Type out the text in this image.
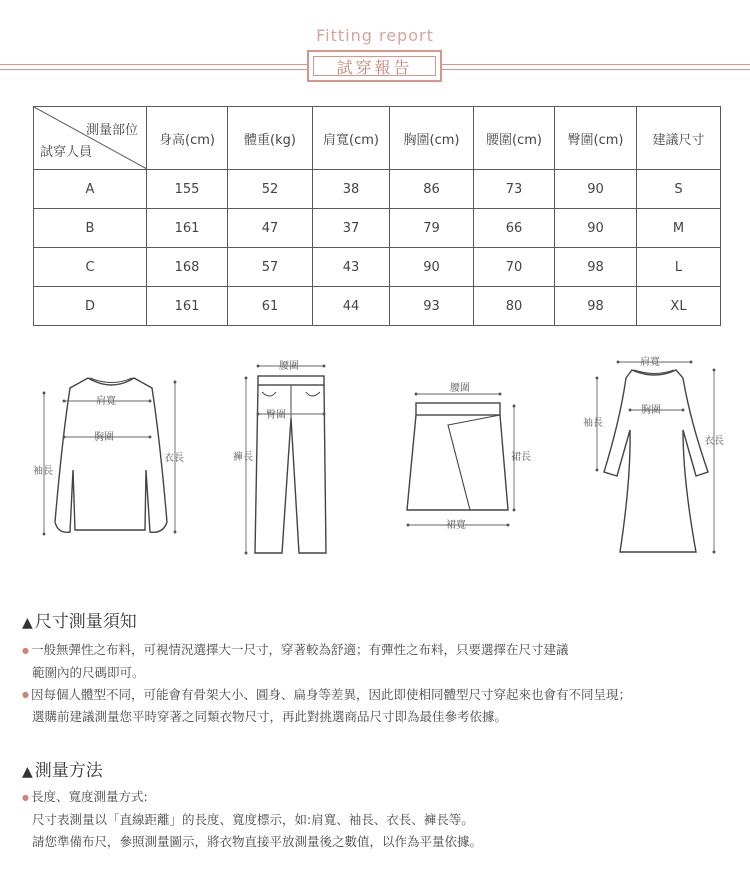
Fitting report
試穿報告
測量部位
試穿人員	身高(cm)	體重(kg)	肩寬(cm)	胸圍(cm)	腰圍(cm)	臀圍(cm)	建議尺寸
A	155	52	38	86	73	90	S
B	161	47	37	79	66	90	M
C	168	57	43	90	70	98	L
D	161	61	44	93	80	98	XL
肩寬
胸圍
袖長
衣長
腰圍
臀圍
褲長
腰圍
裙長
裙寬
肩寬
胸圍
袖長
衣長
▲ 尺寸測量須知
● 一般無彈性之布料，可視情況選擇大一尺寸，穿著較為舒適；有彈性之布料，只要選擇在尺寸建議
範圍內的尺碼即可。
● 因每個人體型不同，可能會有骨架大小、圓身、扁身等差異，因此即使相同體型尺寸穿起來也會有不同呈現；
選購前建議測量您平時穿著之同類衣物尺寸，再此對挑選商品尺寸即為最佳參考依據。
▲ 測量方法
● 長度、寬度測量方式:
尺寸表測量以「直線距離」的長度、寬度標示，如:肩寬、袖長、衣長、褲長等。
請您準備布尺，參照測量圖示，將衣物直接平放測量後之數值，以作為平量依據。
